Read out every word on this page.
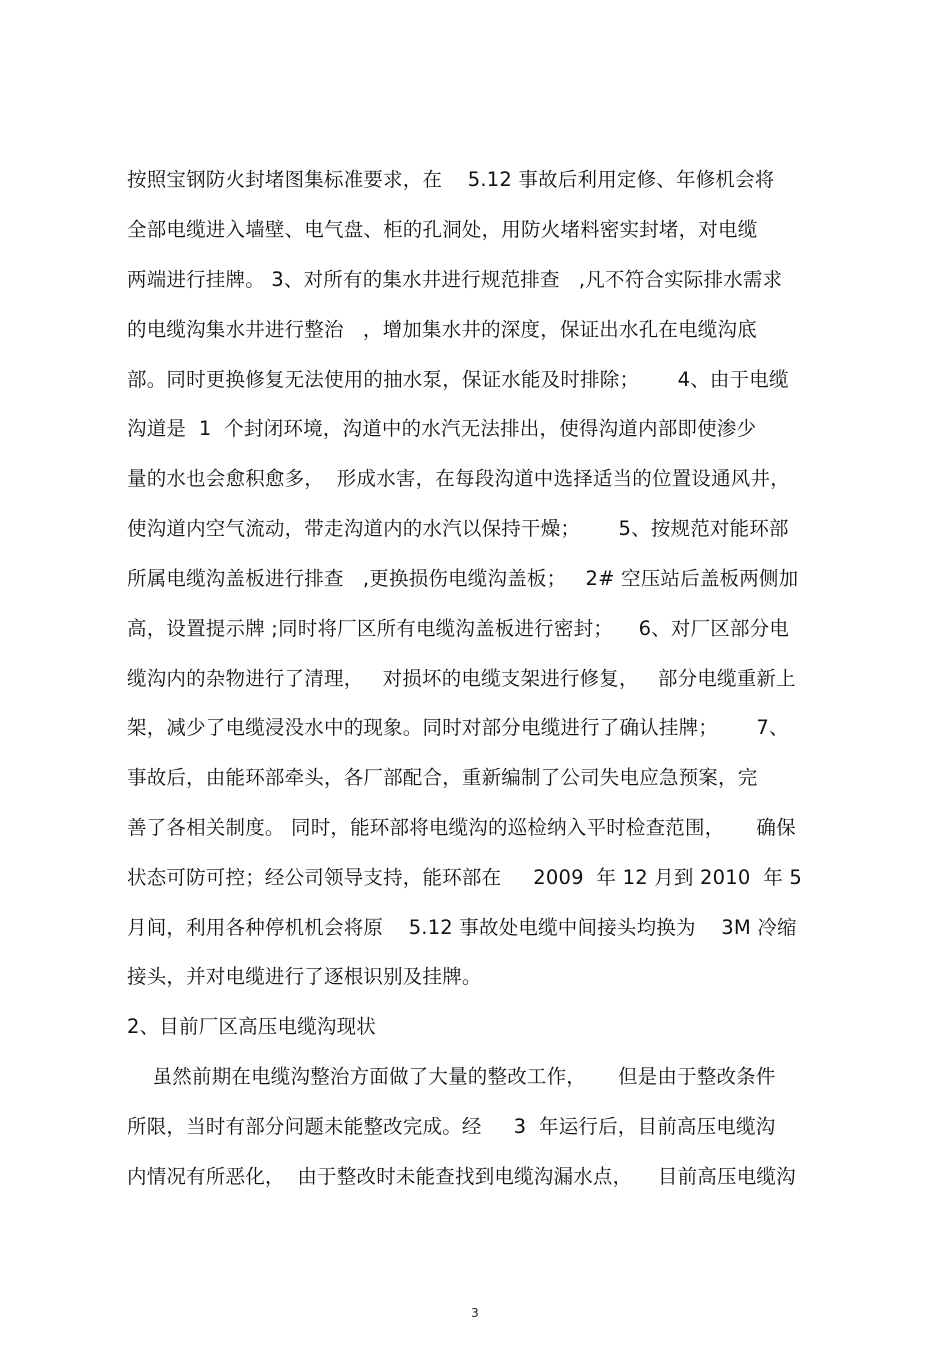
按照宝钢防火封堵图集标准要求，在    5.12 事故后利用定修、年修机会将
全部电缆进入墙壁、电气盘、柜的孔洞处，用防火堵料密实封堵，对电缆
两端进行挂牌。 3、对所有的集水井进行规范排查   ,凡不符合实际排水需求
的电缆沟集水井进行整治   ，增加集水井的深度，保证出水孔在电缆沟底
部。同时更换修复无法使用的抽水泵，保证水能及时排除；      4、由于电缆
沟道是  1  个封闭环境，沟道中的水汽无法排出，使得沟道内部即使渗少
量的水也会愈积愈多，  形成水害，在每段沟道中选择适当的位置设通风井，
使沟道内空气流动，带走沟道内的水汽以保持干燥；      5、按规范对能环部
所属电缆沟盖板进行排查   ,更换损伤电缆沟盖板；   2# 空压站后盖板两侧加
高，设置提示牌 ;同时将厂区所有电缆沟盖板进行密封；    6、对厂区部分电
缆沟内的杂物进行了清理，   对损坏的电缆支架进行修复，   部分电缆重新上
架，减少了电缆浸没水中的现象。同时对部分电缆进行了确认挂牌；      7、
事故后，由能环部牵头，各厂部配合，重新编制了公司失电应急预案，完
善了各相关制度。 同时，能环部将电缆沟的巡检纳入平时检查范围，     确保
状态可防可控；经公司领导支持，能环部在     2009  年 12 月到 2010  年 5
月间，利用各种停机机会将原    5.12 事故处电缆中间接头均换为    3M 冷缩
接头，并对电缆进行了逐根识别及挂牌。
2、目前厂区高压电缆沟现状
虽然前期在电缆沟整治方面做了大量的整改工作，     但是由于整改条件
所限，当时有部分问题未能整改完成。经     3  年运行后，目前高压电缆沟
内情况有所恶化，  由于整改时未能查找到电缆沟漏水点，    目前高压电缆沟
3
